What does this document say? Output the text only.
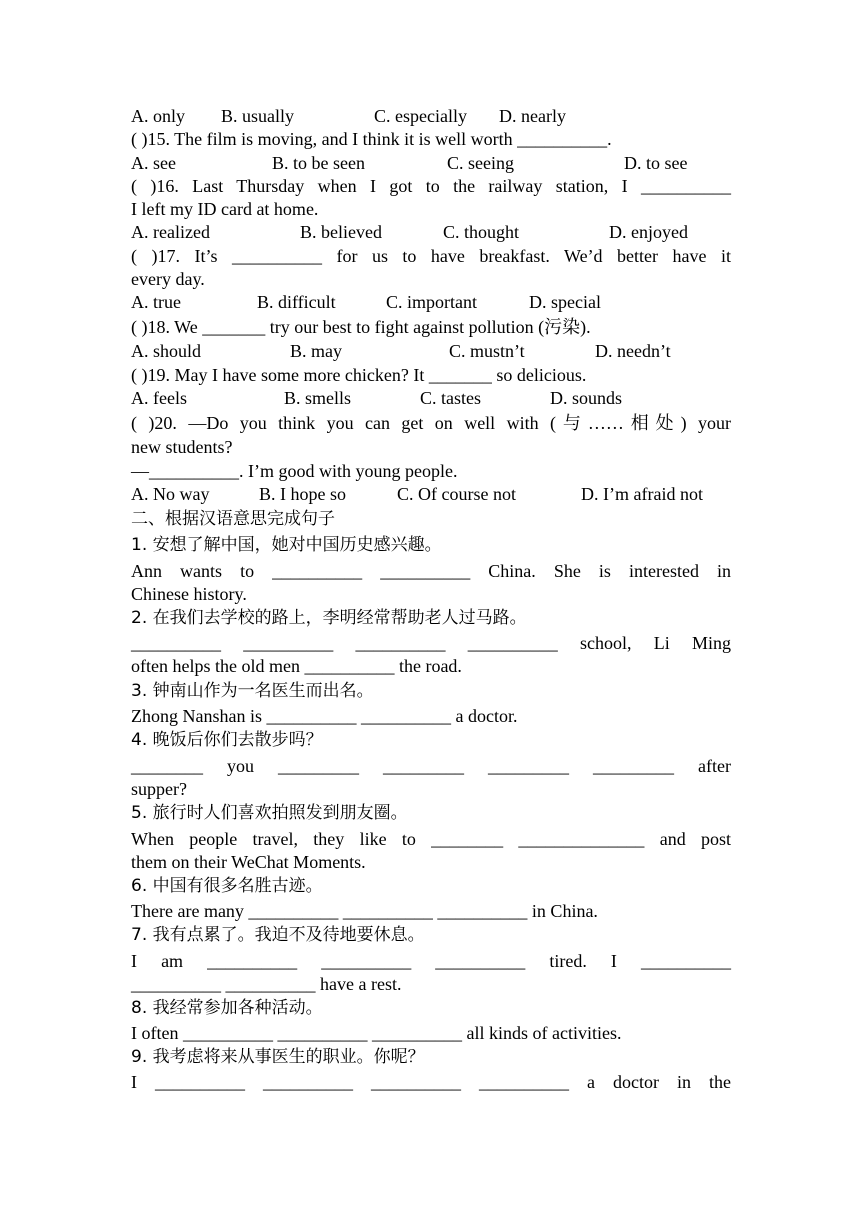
A. only	B. usually	C. especially	D. nearly
( )15. The film is moving, and I think it is well worth __________.
A. see	B. to be seen	C. seeing	D. to see
( )16. Last Thursday when I got to the railway station, I __________
I left my ID card at home.
A. realized	B. believed	C. thought	D. enjoyed
( )17. It’s __________ for us to have breakfast. We’d better have it
every day.
A. true	B. difficult	C. important	D. special
( )18. We _______ try our best to fight against pollution (污染).
A. should	B. may	C. mustn’t	D. needn’t
( )19. May I have some more chicken? It _______ so delicious.
A. feels	B. smells	C. tastes	D. sounds
( )20. —Do you think you can get on well with (与……相处) your
new students?
—__________. I’m good with young people.
A. No way	B. I hope so	C. Of course not	D. I’m afraid not
二、根据汉语意思完成句子
1. 安想了解中国，她对中国历史感兴趣。
Ann wants to __________ __________ China. She is interested in
Chinese history.
2. 在我们去学校的路上，李明经常帮助老人过马路。
__________ __________ __________ __________ school, Li Ming
often helps the old men __________ the road.
3. 钟南山作为一名医生而出名。
Zhong Nanshan is __________ __________ a doctor.
4. 晚饭后你们去散步吗？
________ you _________ _________ _________ _________ after
supper?
5. 旅行时人们喜欢拍照发到朋友圈。
When people travel, they like to ________ ______________ and post
them on their WeChat Moments.
6. 中国有很多名胜古迹。
There are many __________ __________ __________ in China.
7. 我有点累了。我迫不及待地要休息。
I am __________ __________ __________ tired. I __________
__________ __________ have a rest.
8. 我经常参加各种活动。
I often __________ __________ __________ all kinds of activities.
9. 我考虑将来从事医生的职业。你呢？
I __________ __________ __________ __________ a doctor in the
